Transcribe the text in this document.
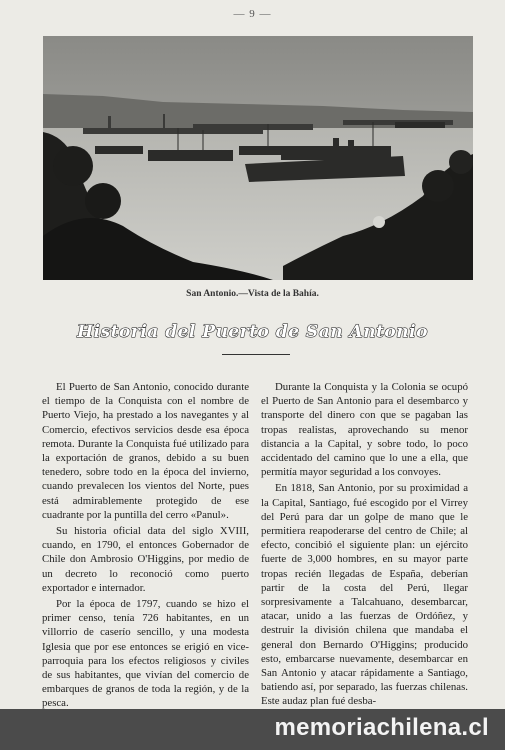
— 9 —
San Antonio.—Vista de la Bahía.
Historia del Puerto de San Antonio

El Puerto de San Antonio, conocido durante el tiempo de la Conquista con el nombre de Puerto Viejo, ha prestado a los navegantes y al Comercio, efectivos servicios desde esa época remota. Durante la Conquista fué utilizado para la exportación de granos, debido a su buen tenedero, sobre todo en la época del invierno, cuando prevalecen los vientos del Norte, pues está admirablemente protegido de ese cuadrante por la puntilla del cerro «Panul».

Su historia oficial data del siglo XVIII, cuando, en 1790, el entonces Gobernador de Chile don Ambrosio O'Higgins, por medio de un decreto lo reconoció como puerto exportador e internador.

Por la época de 1797, cuando se hizo el primer censo, tenía 726 habitantes, en un villorrio de caserío sencillo, y una modesta Iglesia que por ese entonces se erigió en vice-parroquia para los efectos religiosos y civiles de sus habitantes, que vivían del comercio de embarques de granos de toda la región, y de la pesca.

Durante la Conquista y la Colonia se ocupó el Puerto de San Antonio para el desembarco y transporte del dinero con que se pagaban las tropas realistas, aprovechando su menor distancia a la Capital, y sobre todo, lo poco accidentado del camino que lo une a ella, que permitía mayor seguridad a los convoyes.

En 1818, San Antonio, por su proximidad a la Capital, Santiago, fué escogido por el Virrey del Perú para dar un golpe de mano que le permitiera reapoderarse del centro de Chile; al efecto, concibió el siguiente plan: un ejército fuerte de 3,000 hombres, en su mayor parte tropas recién llegadas de España, deberían partir de la costa del Perú, llegar sorpresivamente a Talcahuano, desembarcar, atacar, unido a las fuerzas de Ordóñez, y destruir la división chilena que mandaba el general don Bernardo O'Higgins; producido esto, embarcarse nuevamente, desembarcar en San Antonio y atacar rápidamente a Santiago, batiendo así, por separado, las fuerzas chilenas. Este audaz plan fué desba-

memoriachilena.cl
